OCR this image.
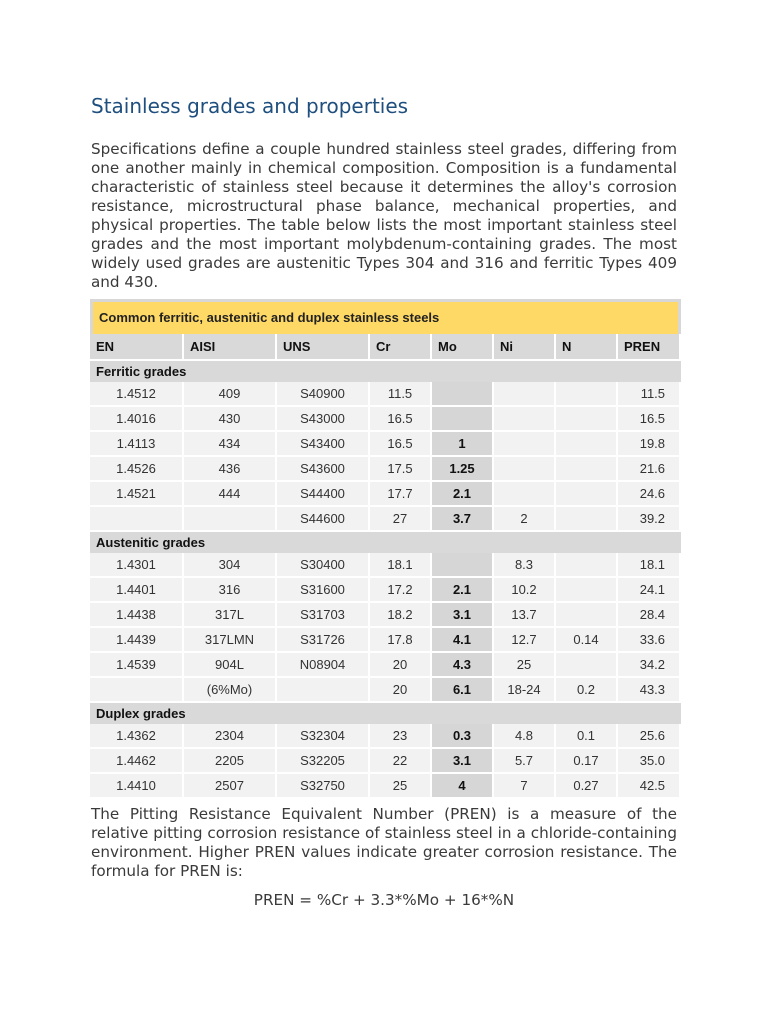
Stainless grades and properties

Specifications define a couple hundred stainless steel grades, differing from one another mainly in chemical composition. Composition is a fundamental characteristic of stainless steel because it determines the alloy's corrosion resistance, microstructural phase balance, mechanical properties, and physical properties. The table below lists the most important stainless steel grades and the most important molybdenum-containing grades. The most widely used grades are austenitic Types 304 and 316 and ferritic Types 409 and 430.

Common ferritic, austenitic and duplex stainless steels							
EN	AISI	UNS	Cr	Mo	Ni	N	PREN
Ferritic grades							
1.4512	409	S40900	11.5				11.5
1.4016	430	S43000	16.5				16.5
1.4113	434	S43400	16.5	1			19.8
1.4526	436	S43600	17.5	1.25			21.6
1.4521	444	S44400	17.7	2.1			24.6
		S44600	27	3.7	2		39.2
Austenitic grades							
1.4301	304	S30400	18.1		8.3		18.1
1.4401	316	S31600	17.2	2.1	10.2		24.1
1.4438	317L	S31703	18.2	3.1	13.7		28.4
1.4439	317LMN	S31726	17.8	4.1	12.7	0.14	33.6
1.4539	904L	N08904	20	4.3	25		34.2
	(6%Mo)		20	6.1	18-24	0.2	43.3
Duplex grades							
1.4362	2304	S32304	23	0.3	4.8	0.1	25.6
1.4462	2205	S32205	22	3.1	5.7	0.17	35.0
1.4410	2507	S32750	25	4	7	0.27	42.5

The Pitting Resistance Equivalent Number (PREN) is a measure of the relative pitting corrosion resistance of stainless steel in a chloride-containing environment. Higher PREN values indicate greater corrosion resistance. The formula for PREN is:

PREN = %Cr + 3.3*%Mo + 16*%N
